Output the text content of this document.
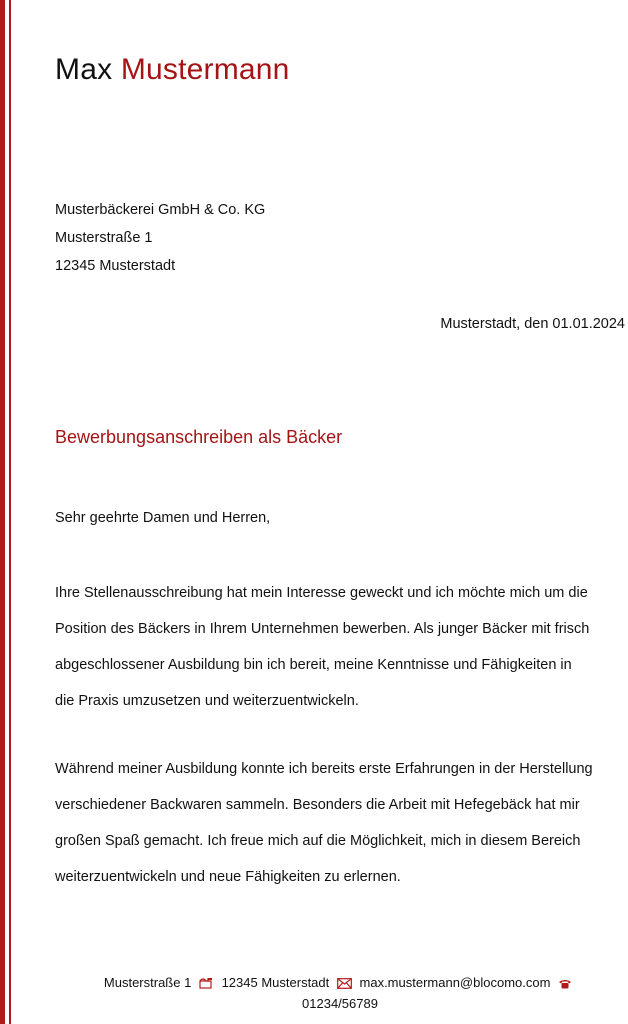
Max Mustermann
Musterbäckerei GmbH & Co. KG
Musterstraße 1
12345 Musterstadt
Musterstadt, den 01.01.2024
Bewerbungsanschreiben als Bäcker
Sehr geehrte Damen und Herren,
Ihre Stellenausschreibung hat mein Interesse geweckt und ich möchte mich um die
Position des Bäckers in Ihrem Unternehmen bewerben. Als junger Bäcker mit frisch
abgeschlossener Ausbildung bin ich bereit, meine Kenntnisse und Fähigkeiten in
die Praxis umzusetzen und weiterzuentwickeln.
Während meiner Ausbildung konnte ich bereits erste Erfahrungen in der Herstellung
verschiedener Backwaren sammeln. Besonders die Arbeit mit Hefegebäck hat mir
großen Spaß gemacht. Ich freue mich auf die Möglichkeit, mich in diesem Bereich
weiterzuentwickeln und neue Fähigkeiten zu erlernen.
Musterstraße 1 12345 Musterstadt max.mustermann@blocomo.com
01234/56789
